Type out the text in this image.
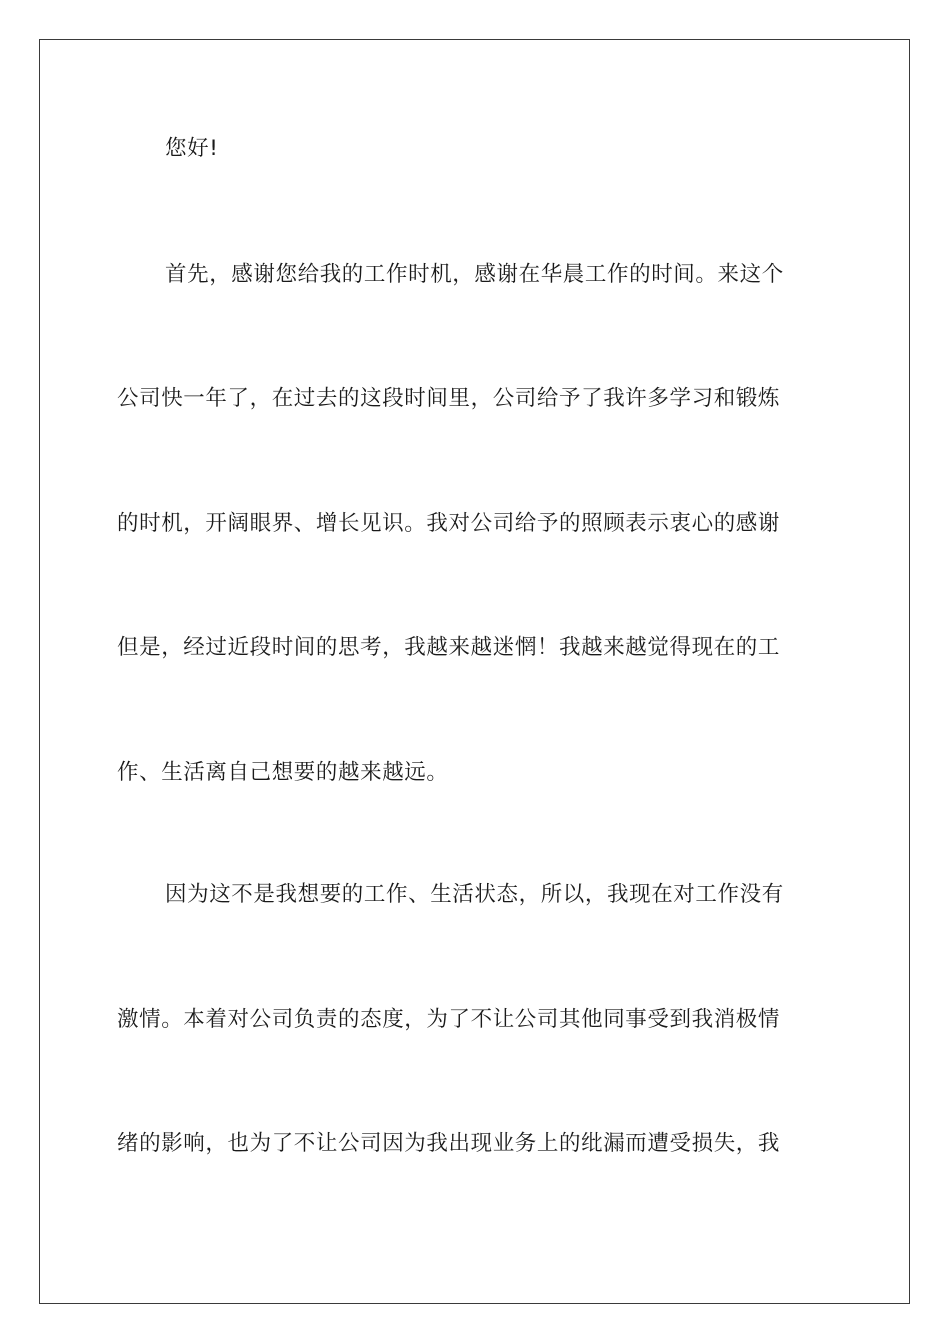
您好!
首先，感谢您给我的工作时机，感谢在华晨工作的时间。来这个
公司快一年了，在过去的这段时间里，公司给予了我许多学习和锻炼
的时机，开阔眼界、增长见识。我对公司给予的照顾表示衷心的感谢
但是，经过近段时间的思考，我越来越迷惘！我越来越觉得现在的工
作、生活离自己想要的越来越远。
因为这不是我想要的工作、生活状态，所以，我现在对工作没有
激情。本着对公司负责的态度，为了不让公司其他同事受到我消极情
绪的影响，也为了不让公司因为我出现业务上的纰漏而遭受损失，我
